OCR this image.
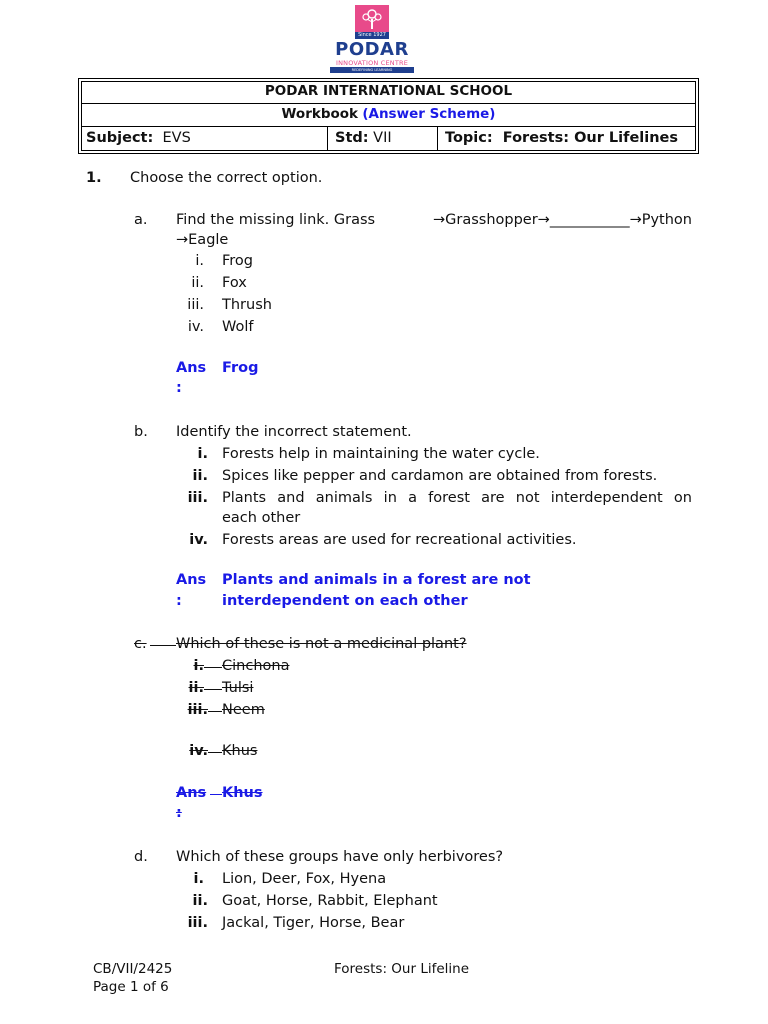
Since 1927
PODAR
INNOVATION CENTRE
REDEFINING LEARNING
PODAR INTERNATIONAL SCHOOL
Workbook (Answer Scheme)
Subject: EVS	Std: VII	Topic: Forests: Our Lifelines
1. Choose the correct option.
a. Find the missing link. Grass	→Grasshopper→___________→Python
→Eagle
i. Frog
ii. Fox
iii. Thrush
iv. Wolf
Ans
:
Frog
b. Identify the incorrect statement.
i. Forests help in maintaining the water cycle.
ii. Spices like pepper and cardamon are obtained from forests.
iii. Plants and animals in a forest are not interdependent on
each other
iv. Forests areas are used for recreational activities.
Ans
:
Plants and animals in a forest are not
interdependent on each other
c. Which of these is not a medicinal plant?
i. Cinchona
ii. Tulsi
iii. Neem
iv. Khus
Ans
:
Khus
d. Which of these groups have only herbivores?
i. Lion, Deer, Fox, Hyena
ii. Goat, Horse, Rabbit, Elephant
iii. Jackal, Tiger, Horse, Bear
CB/VII/2425
Page 1 of 6
Forests: Our Lifeline
